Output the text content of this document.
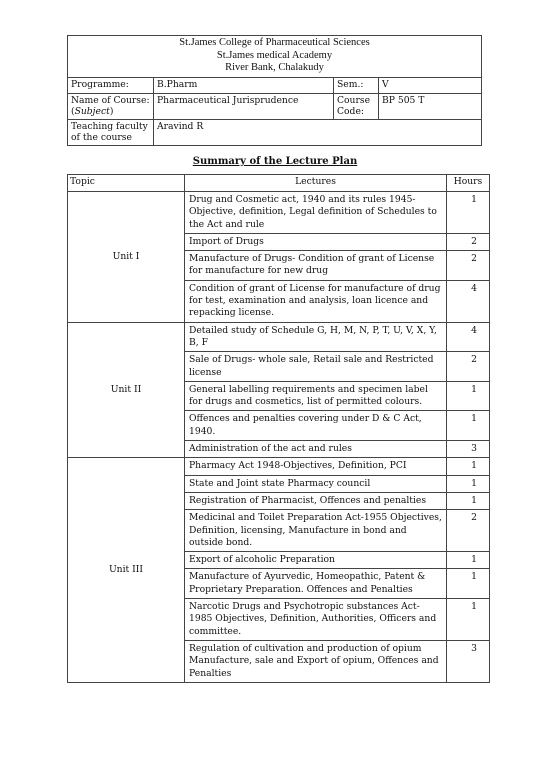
St.James College of Pharmaceutical Sciences
St.James medical Academy
River Bank, Chalakudy			

Programme:	B.Pharm	Sem.:	V
Name of Course: (Subject)	Pharmaceutical Jurisprudence	Course Code:	BP 505 T
Teaching faculty of the course	Aravind R		
Summary of the Lecture Plan
Topic	Lectures	Hours
Unit I	Drug and Cosmetic act, 1940 and its rules 1945- Objective, definition, Legal definition of Schedules to the Act and rule	1
	Import of Drugs	2
	Manufacture of Drugs- Condition of grant of License for manufacture for new drug	2
	Condition of grant of License for manufacture of drug for test, examination and analysis, loan licence and repacking license.	4
Unit II	Detailed study of Schedule G, H, M, N, P, T, U, V, X, Y, B, F	4
	Sale of Drugs- whole sale, Retail sale and Restricted license	2
	General labelling requirements and specimen label for drugs and cosmetics, list of permitted colours.	1
	Offences and penalties covering under D & C Act, 1940.	1
	Administration of the act and rules	3
Unit III	Pharmacy Act 1948-Objectives, Definition, PCI	1
	State and Joint state Pharmacy council	1
	Registration of Pharmacist, Offences and penalties	1
	Medicinal and Toilet Preparation Act-1955 Objectives, Definition, licensing, Manufacture in bond and outside bond.	2
	Export of alcoholic Preparation	1
	Manufacture of Ayurvedic, Homeopathic, Patent & Proprietary Preparation. Offences and Penalties	1
	Narcotic Drugs and Psychotropic substances Act- 1985 Objectives, Definition, Authorities, Officers and committee.	1
	Regulation of cultivation and production of opium Manufacture, sale and Export of opium, Offences and Penalties	3
